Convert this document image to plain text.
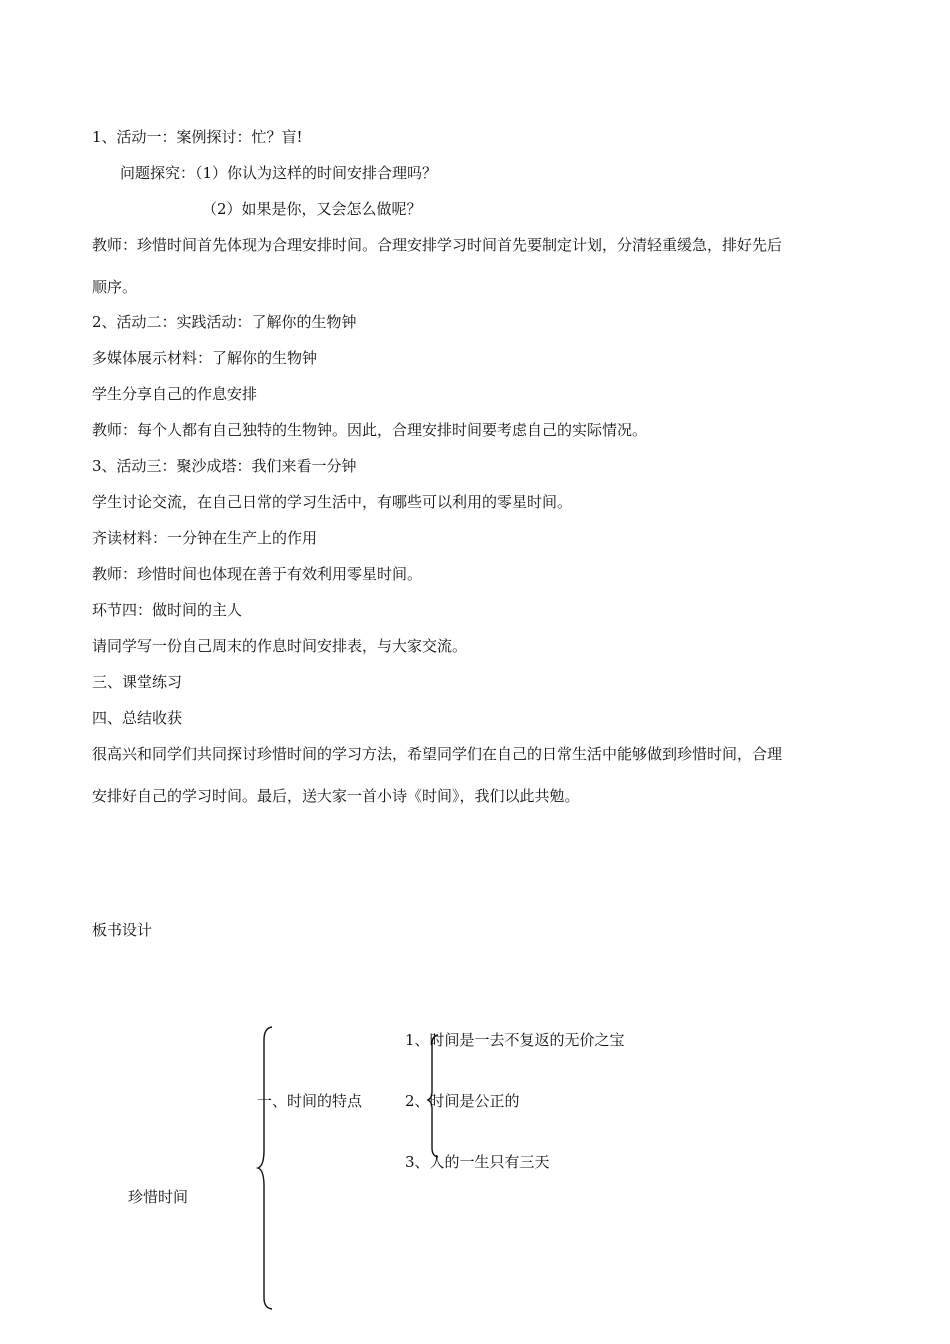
1、活动一：案例探讨：忙？盲!
问题探究：（1）你认为这样的时间安排合理吗？
（2）如果是你，又会怎么做呢？
教师：珍惜时间首先体现为合理安排时间。合理安排学习时间首先要制定计划，分清轻重缓急，排好先后
顺序。
2、活动二：实践活动：了解你的生物钟
多媒体展示材料：了解你的生物钟
学生分享自己的作息安排
教师：每个人都有自己独特的生物钟。因此，合理安排时间要考虑自己的实际情况。
3、活动三：聚沙成塔：我们来看一分钟
学生讨论交流，在自己日常的学习生活中，有哪些可以利用的零星时间。
齐读材料：一分钟在生产上的作用
教师：珍惜时间也体现在善于有效利用零星时间。
环节四：做时间的主人
请同学写一份自己周末的作息时间安排表，与大家交流。
三、课堂练习
四、总结收获
很高兴和同学们共同探讨珍惜时间的学习方法，希望同学们在自己的日常生活中能够做到珍惜时间，合理
安排好自己的学习时间。最后，送大家一首小诗《时间》，我们以此共勉。
板书设计
珍惜时间
一、时间的特点
1、时间是一去不复返的无价之宝
2、时间是公正的
3、人的一生只有三天
